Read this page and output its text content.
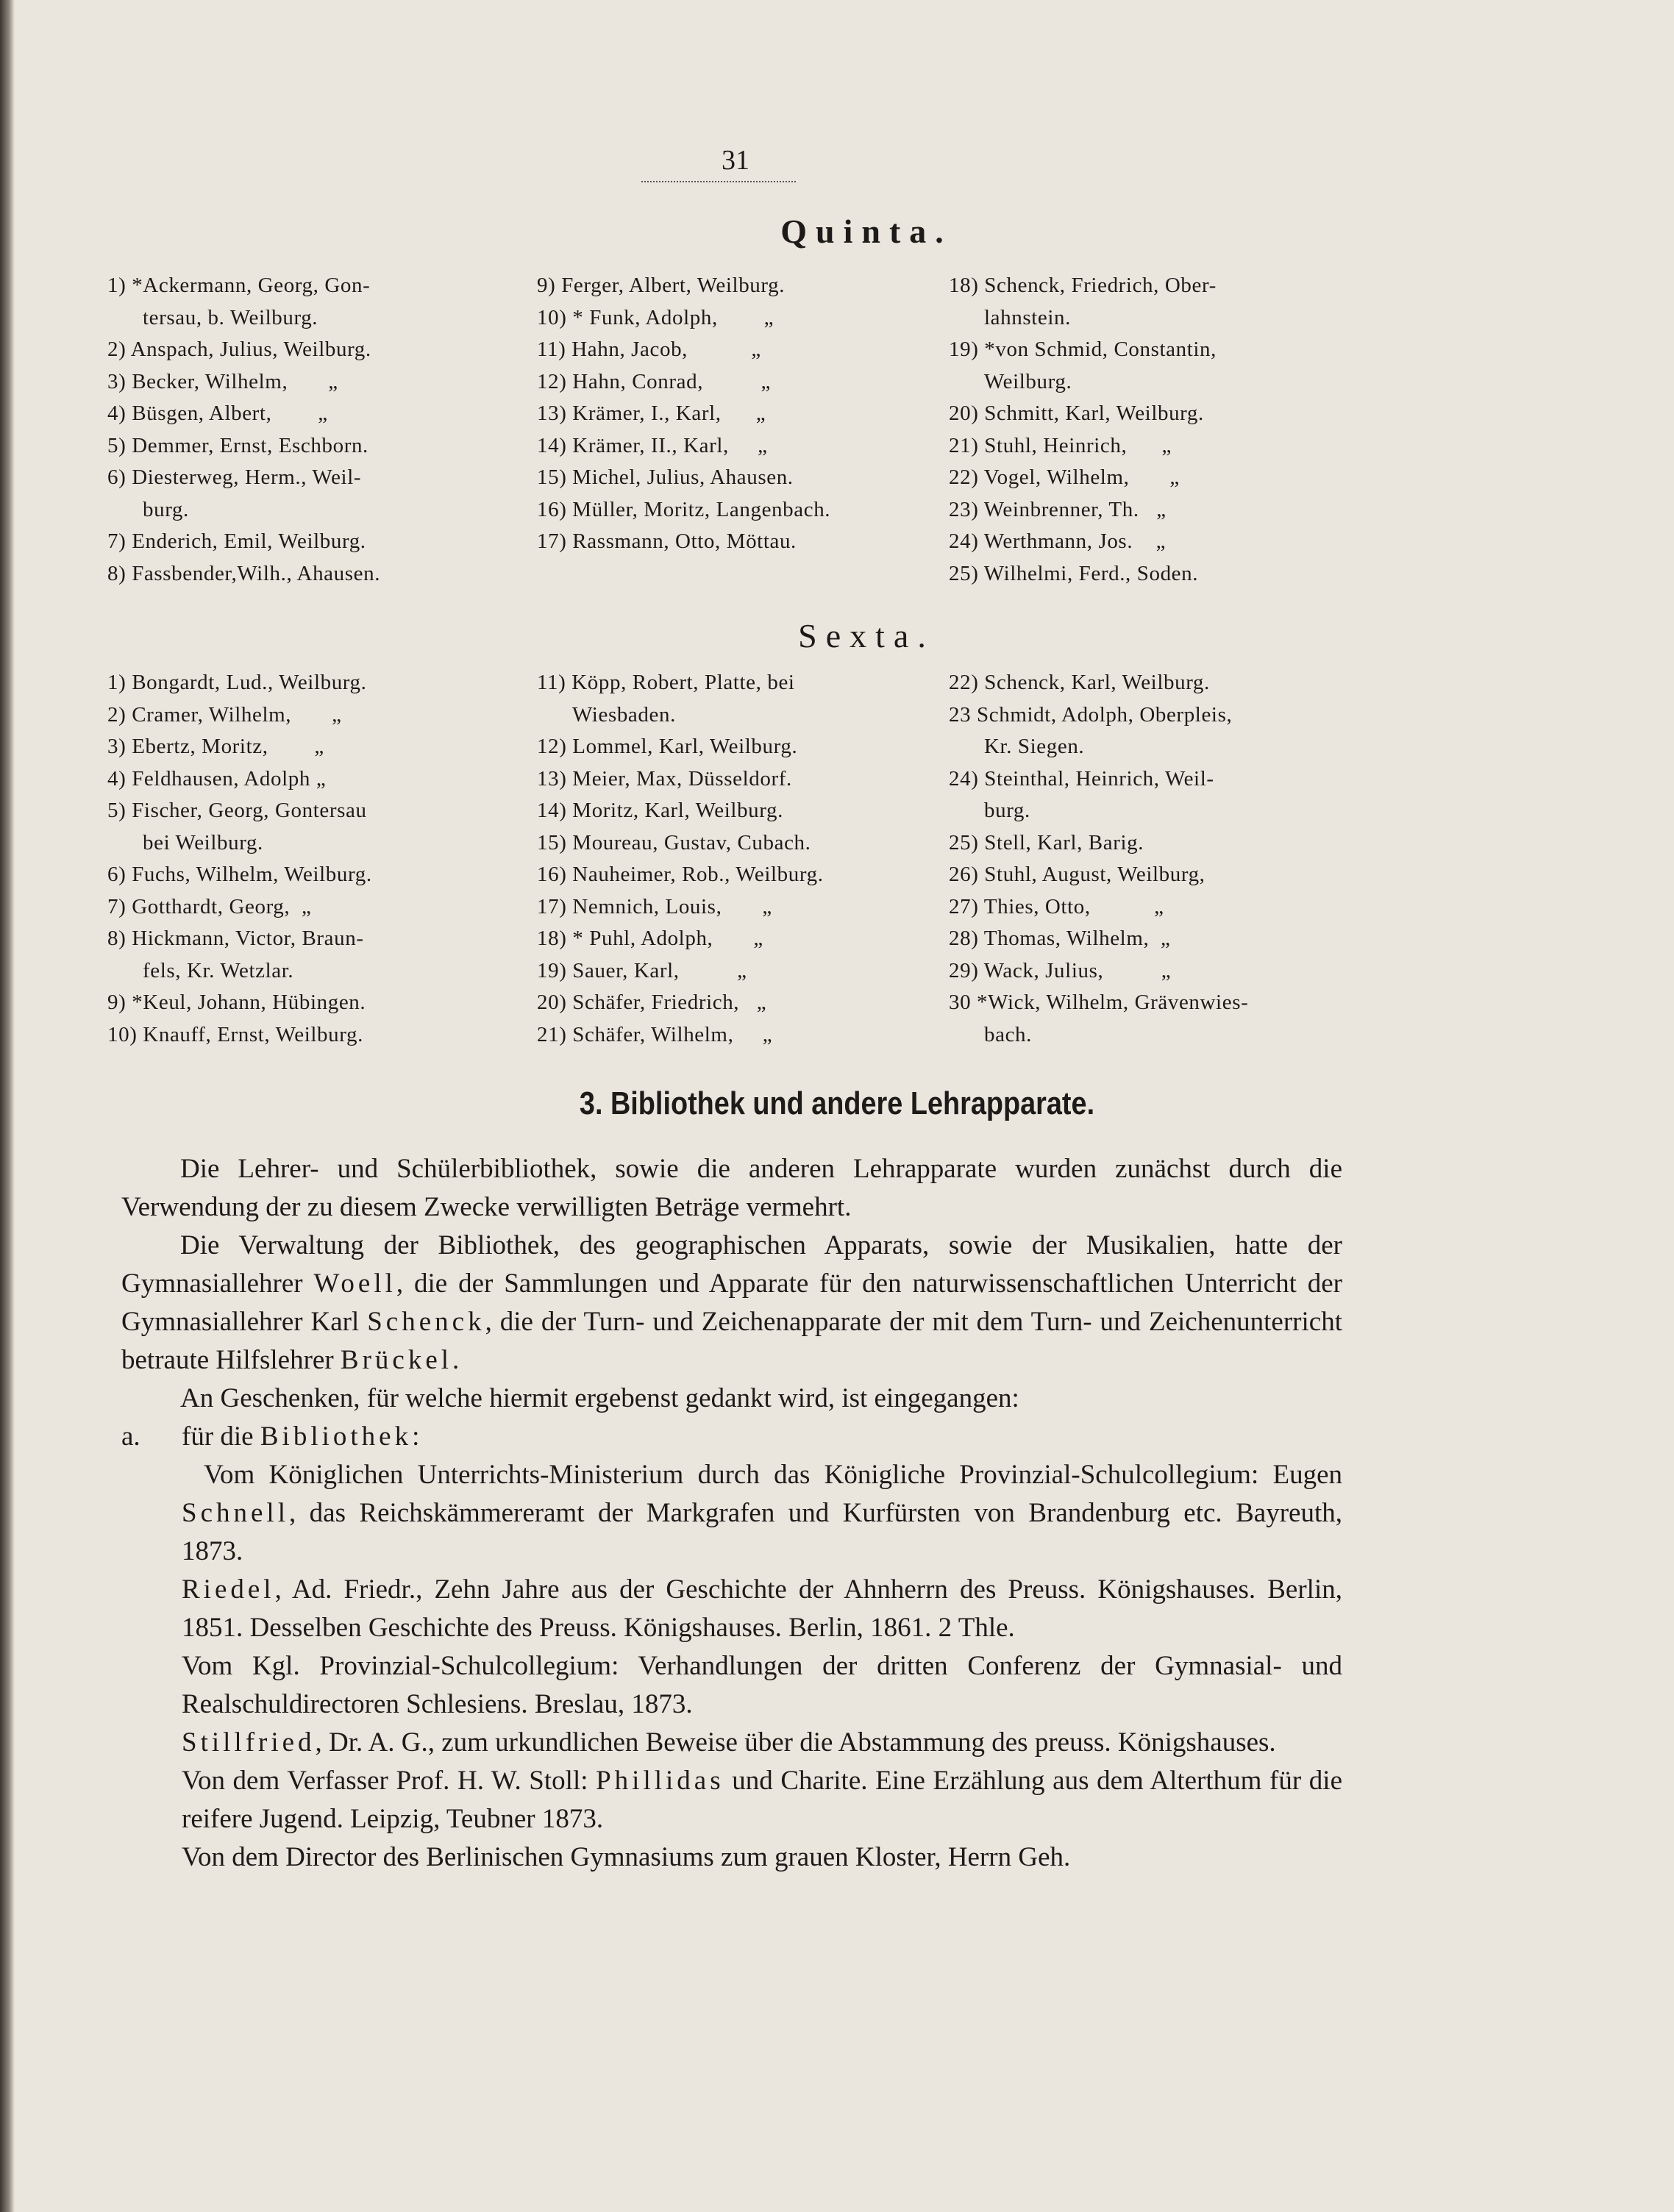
31
Quinta.
1) *Ackermann, Georg, Gon-
tersau, b. Weilburg.
2) Anspach, Julius, Weilburg.
3) Becker, Wilhelm,       „
4) Büsgen, Albert,        „
5) Demmer, Ernst, Eschborn.
6) Diesterweg, Herm., Weil-
burg.
7) Enderich, Emil, Weilburg.
8) Fassbender,Wilh., Ahausen.
9) Ferger, Albert, Weilburg.
10) * Funk, Adolph,        „
11) Hahn, Jacob,           „
12) Hahn, Conrad,          „
13) Krämer, I., Karl,      „
14) Krämer, II., Karl,     „
15) Michel, Julius, Ahausen.
16) Müller, Moritz, Langenbach.
17) Rassmann, Otto, Möttau.
18) Schenck, Friedrich, Ober-
lahnstein.
19) *von Schmid, Constantin,
Weilburg.
20) Schmitt, Karl, Weilburg.
21) Stuhl, Heinrich,      „
22) Vogel, Wilhelm,       „
23) Weinbrenner, Th.   „
24) Werthmann, Jos.    „
25) Wilhelmi, Ferd., Soden.
Sexta.
1) Bongardt, Lud., Weilburg.
2) Cramer, Wilhelm,       „
3) Ebertz, Moritz,        „
4) Feldhausen, Adolph „
5) Fischer, Georg, Gontersau
bei Weilburg.
6) Fuchs, Wilhelm, Weilburg.
7) Gotthardt, Georg,  „
8) Hickmann, Victor, Braun-
fels, Kr. Wetzlar.
9) *Keul, Johann, Hübingen.
10) Knauff, Ernst, Weilburg.
11) Köpp, Robert, Platte, bei
Wiesbaden.
12) Lommel, Karl, Weilburg.
13) Meier, Max, Düsseldorf.
14) Moritz, Karl, Weilburg.
15) Moureau, Gustav, Cubach.
16) Nauheimer, Rob., Weilburg.
17) Nemnich, Louis,       „
18) * Puhl, Adolph,       „
19) Sauer, Karl,          „
20) Schäfer, Friedrich,   „
21) Schäfer, Wilhelm,     „
22) Schenck, Karl, Weilburg.
23 Schmidt, Adolph, Oberpleis,
Kr. Siegen.
24) Steinthal, Heinrich, Weil-
burg.
25) Stell, Karl, Barig.
26) Stuhl, August, Weilburg,
27) Thies, Otto,           „
28) Thomas, Wilhelm,  „
29) Wack, Julius,          „
30 *Wick, Wilhelm, Grävenwies-
bach.
3. Bibliothek und andere Lehrapparate.

Die Lehrer- und Schülerbibliothek, sowie die anderen Lehrapparate wurden zunächst durch die Verwendung der zu diesem Zwecke verwilligten Beträge vermehrt.

Die Verwaltung der Bibliothek, des geographischen Apparats, sowie der Musikalien, hatte der Gymnasiallehrer Woell, die der Sammlungen und Apparate für den naturwissenschaftlichen Unterricht der Gymnasiallehrer Karl Schenck, die der Turn- und Zeichenapparate der mit dem Turn- und Zeichenunterricht betraute Hilfslehrer Brückel.

An Geschenken, für welche hiermit ergebenst gedankt wird, ist eingegangen:

a. für die Bibliothek:

Vom Königlichen Unterrichts-Ministerium durch das Königliche Provinzial-Schulcollegium: Eugen Schnell, das Reichskämmereramt der Markgrafen und Kurfürsten von Brandenburg etc. Bayreuth, 1873.

Riedel, Ad. Friedr., Zehn Jahre aus der Geschichte der Ahnherrn des Preuss. Königshauses. Berlin, 1851. Desselben Geschichte des Preuss. Königshauses. Berlin, 1861. 2 Thle.

Vom Kgl. Provinzial-Schulcollegium: Verhandlungen der dritten Conferenz der Gymnasial- und Realschuldirectoren Schlesiens. Breslau, 1873.

Stillfried, Dr. A. G., zum urkundlichen Beweise über die Abstammung des preuss. Königshauses.

Von dem Verfasser Prof. H. W. Stoll: Phillidas und Charite. Eine Erzählung aus dem Alterthum für die reifere Jugend. Leipzig, Teubner 1873.

Von dem Director des Berlinischen Gymnasiums zum grauen Kloster, Herrn Geh.
